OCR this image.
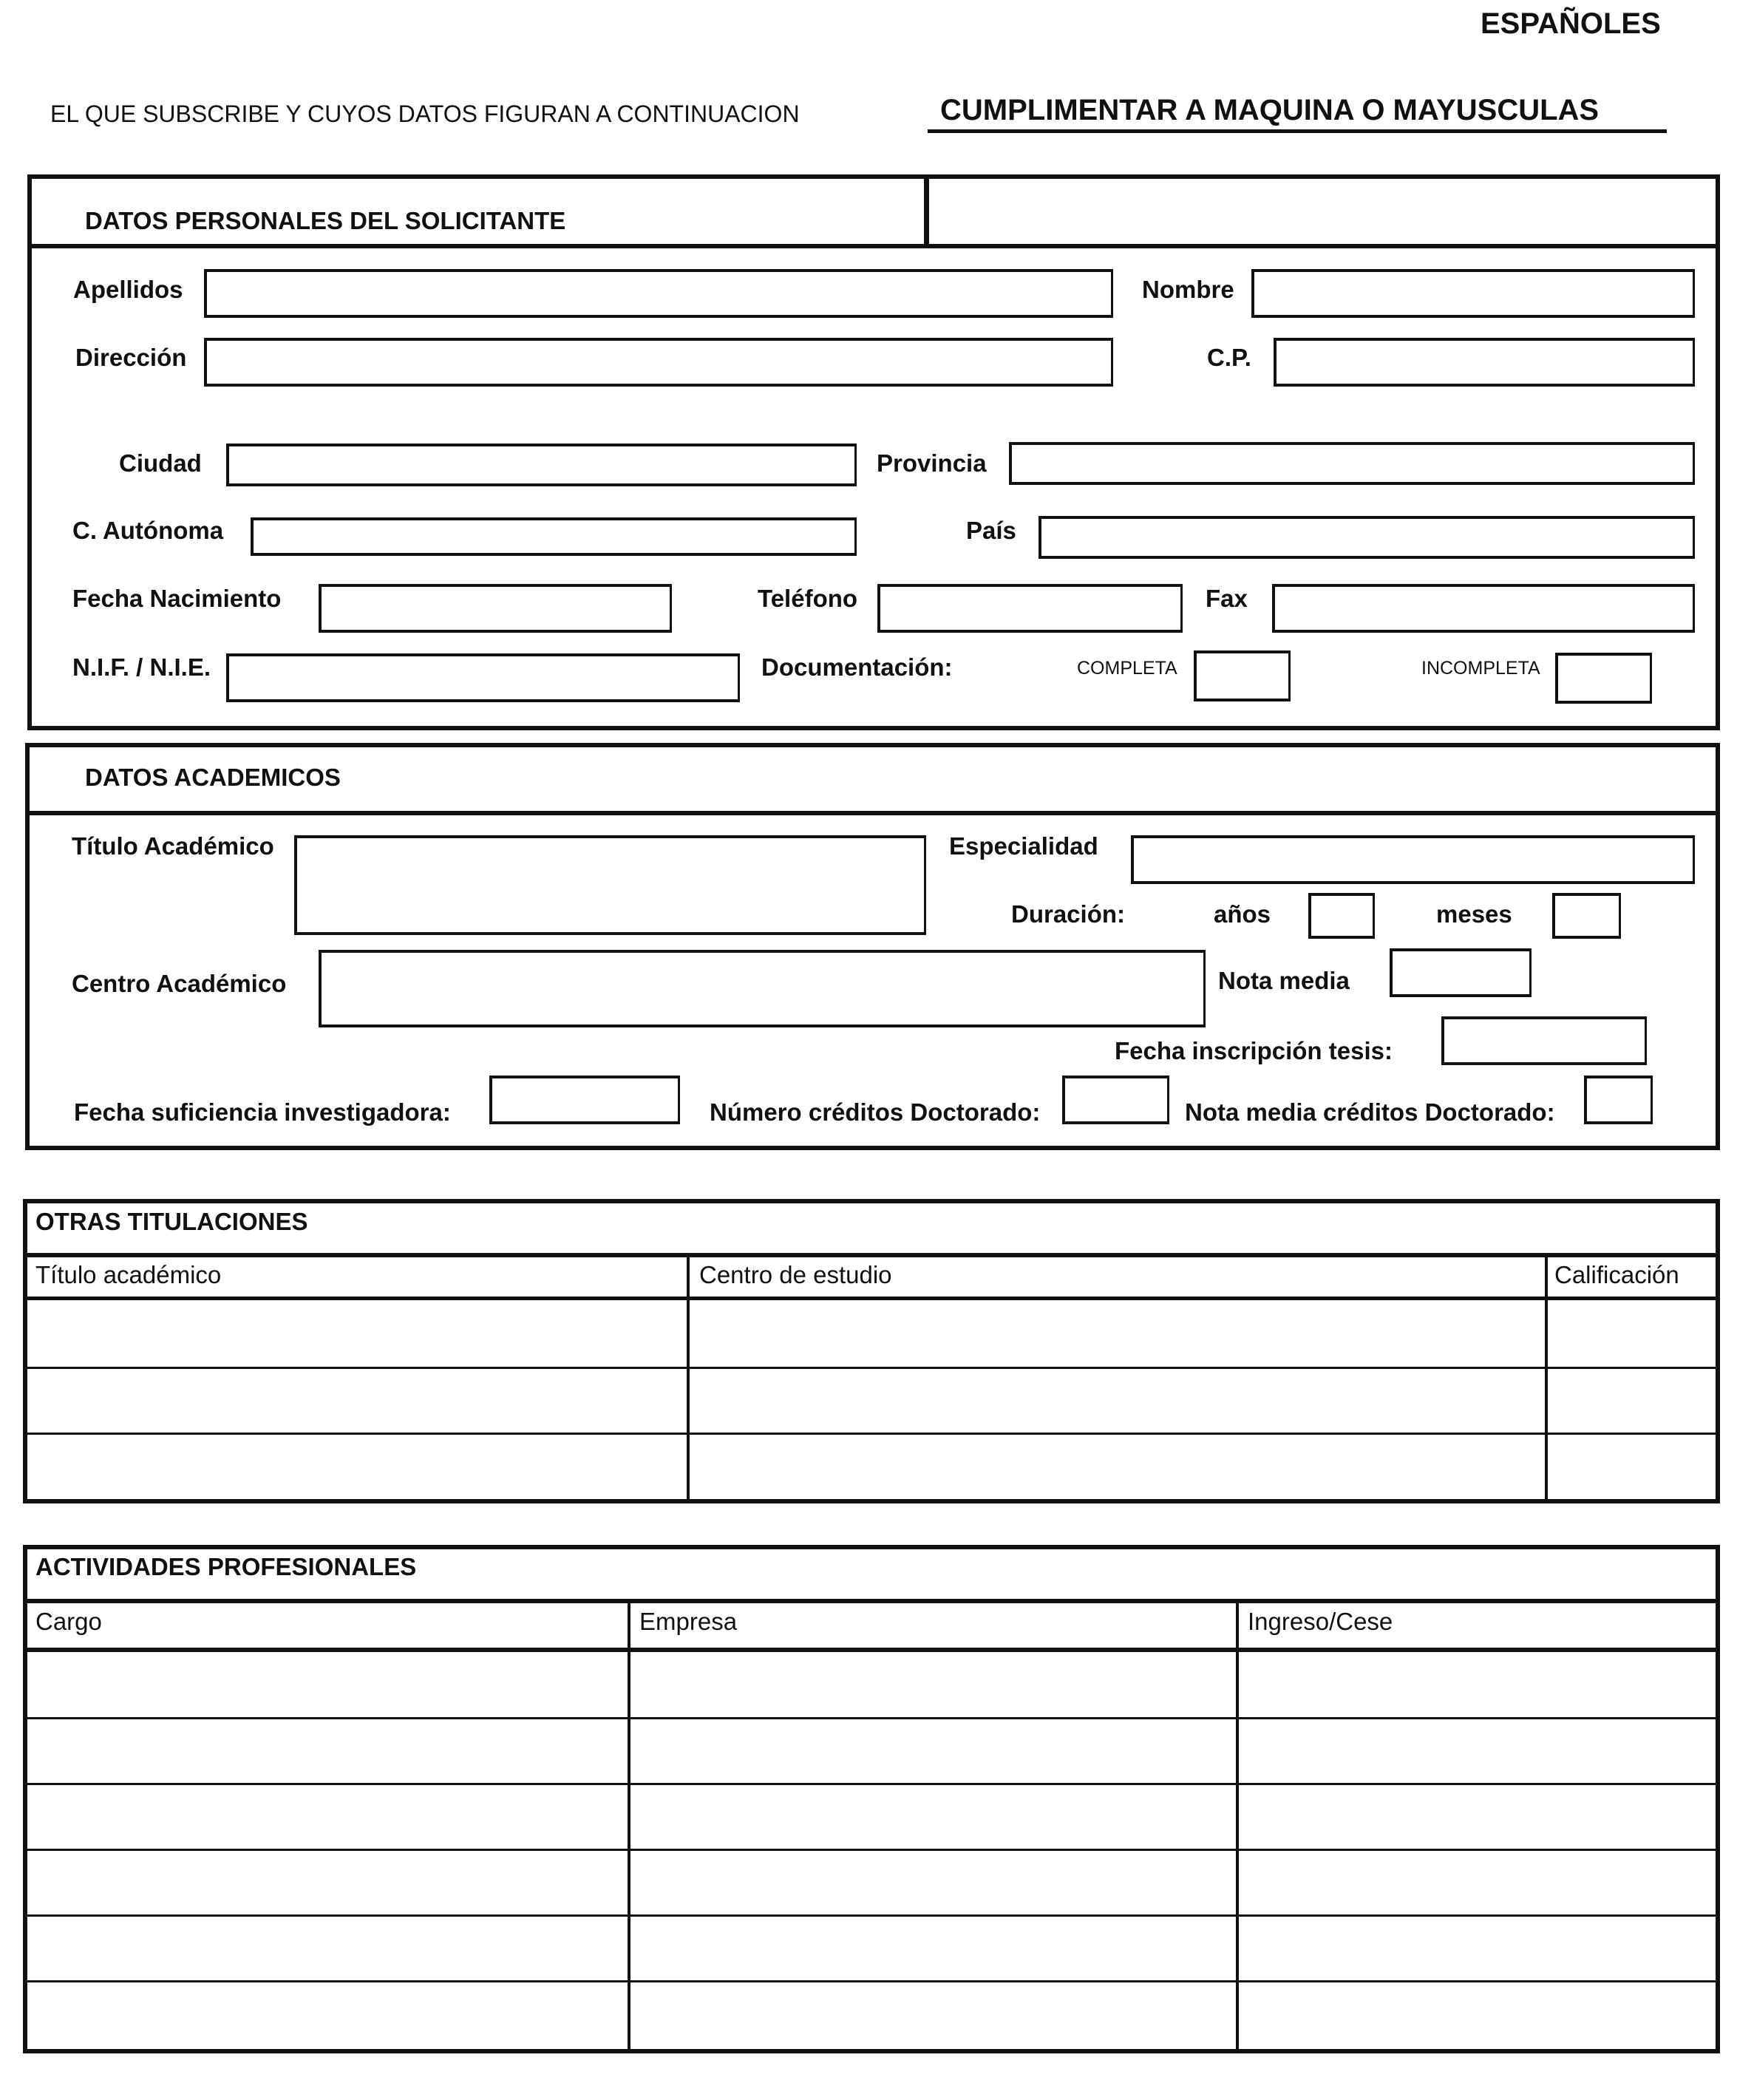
ESPAÑOLES
EL QUE SUBSCRIBE Y CUYOS DATOS FIGURAN A CONTINUACION	CUMPLIMENTAR A MAQUINA O MAYUSCULAS
DATOS PERSONALES DEL SOLICITANTE
Apellidos	Nombre
Dirección	C.P.
Ciudad	Provincia
C. Autónoma	País
Fecha Nacimiento	Teléfono	Fax
N.I.F. / N.I.E.	Documentación:	COMPLETA	INCOMPLETA
DATOS ACADEMICOS
Título Académico	Especialidad
Duración:	años	meses
Centro Académico	Nota media
Fecha inscripción tesis:
Fecha suficiencia investigadora:	Número créditos Doctorado:	Nota media créditos Doctorado:
OTRAS TITULACIONES
Título académico	Centro de estudio	Calificación
ACTIVIDADES PROFESIONALES
Cargo	Empresa	Ingreso/Cese
